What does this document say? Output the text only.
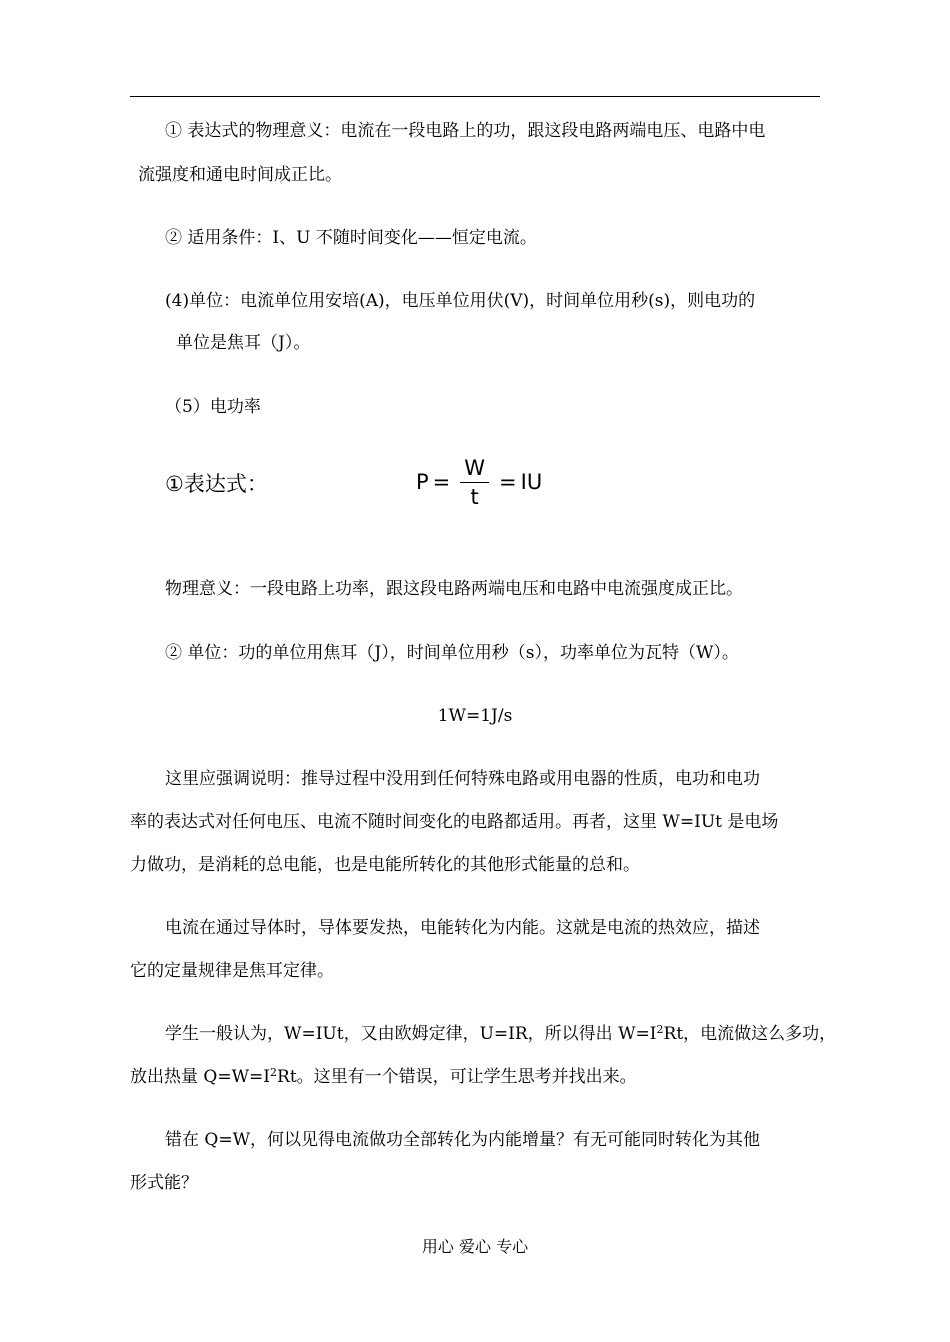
① 表达式的物理意义：电流在一段电路上的功，跟这段电路两端电压、电路中电
流强度和通电时间成正比。
② 适用条件：I、U 不随时间变化——恒定电流。
(4)单位：电流单位用安培(A)，电压单位用伏(V)，时间单位用秒(s)，则电功的
单位是焦耳（J）。
（5）电功率
①表达式：	$P = \frac{W}{t}$ = IU
物理意义：一段电路上功率，跟这段电路两端电压和电路中电流强度成正比。
② 单位：功的单位用焦耳（J），时间单位用秒（s），功率单位为瓦特（W）。
1W=1J/s
这里应强调说明：推导过程中没用到任何特殊电路或用电器的性质，电功和电功
率的表达式对任何电压、电流不随时间变化的电路都适用。再者，这里 W=IUt 是电场
力做功，是消耗的总电能，也是电能所转化的其他形式能量的总和。
电流在通过导体时，导体要发热，电能转化为内能。这就是电流的热效应，描述
它的定量规律是焦耳定律。
学生一般认为，W=IUt，又由欧姆定律，U=IR，所以得出 $W=I^2Rt$，电流做这么多功，
放出热量 $Q=W=I^2Rt$。这里有一个错误，可让学生思考并找出来。
错在 Q=W，何以见得电流做功全部转化为内能增量？有无可能同时转化为其他
形式能？
用心 爱心 专心
